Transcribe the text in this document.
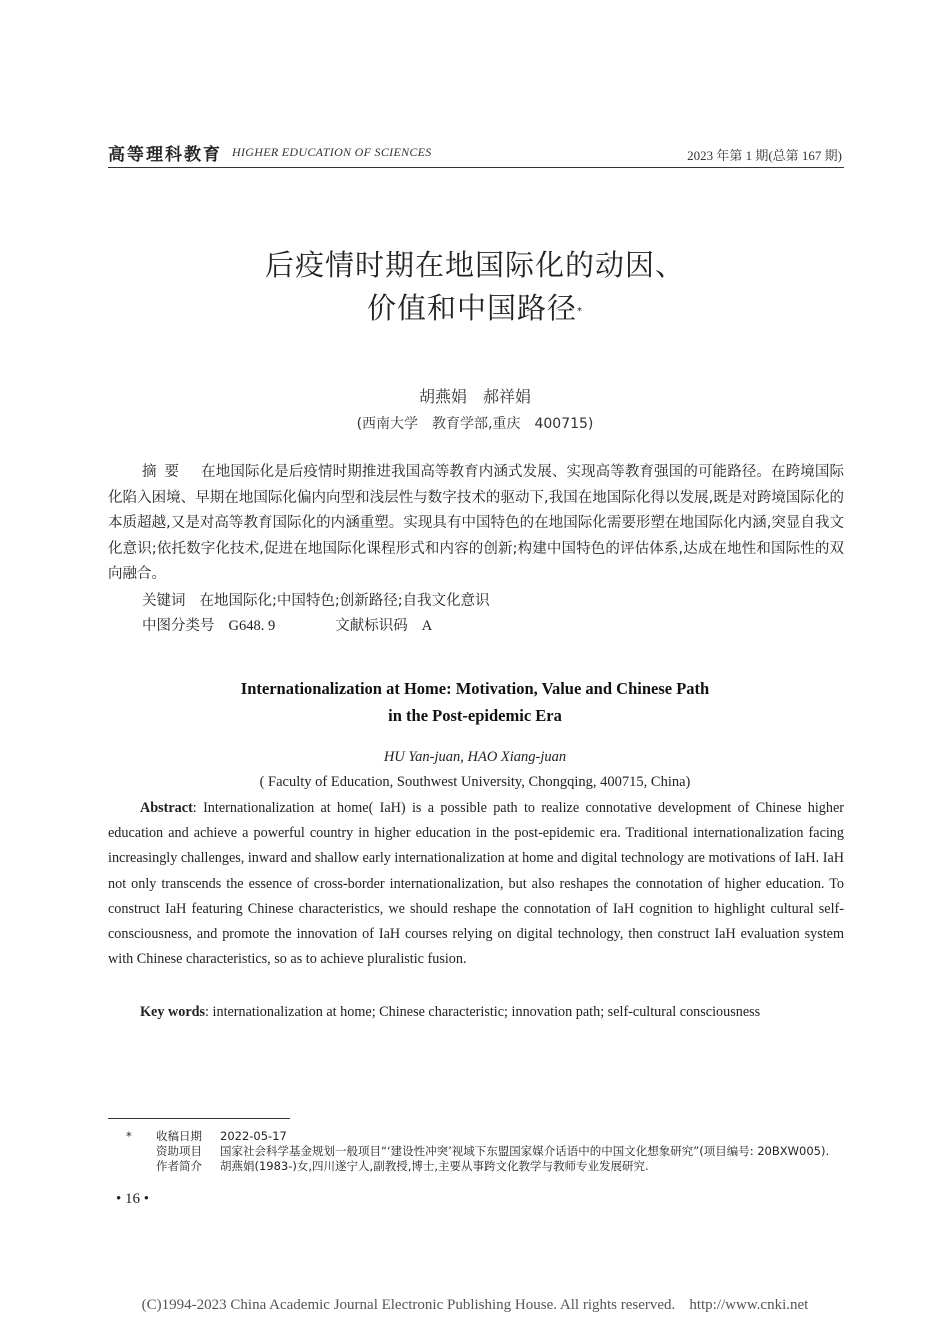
高等理科教育 HIGHER EDUCATION OF SCIENCES	2023 年第 1 期(总第 167 期)
后疫情时期在地国际化的动因、
价值和中国路径*
胡燕娟　郝祥娟
(西南大学　教育学部,重庆　400715)
摘要 在地国际化是后疫情时期推进我国高等教育内涵式发展、实现高等教育强国的可能路径。在跨境国际化陷入困境、早期在地国际化偏内向型和浅层性与数字技术的驱动下,我国在地国际化得以发展,既是对跨境国际化的本质超越,又是对高等教育国际化的内涵重塑。实现具有中国特色的在地国际化需要形塑在地国际化内涵,突显自我文化意识;依托数字化技术,促进在地国际化课程形式和内容的创新;构建中国特色的评估体系,达成在地性和国际性的双向融合。
关键词 在地国际化;中国特色;创新路径;自我文化意识
中图分类号 G648. 9	文献标识码 A
Internationalization at Home: Motivation, Value and Chinese Path
in the Post-epidemic Era
HU Yan-juan, HAO Xiang-juan
( Faculty of Education, Southwest University, Chongqing, 400715, China)
Abstract: Internationalization at home( IaH) is a possible path to realize connotative development of Chinese higher education and achieve a powerful country in higher education in the post-epidemic era. Traditional internationalization facing increasingly challenges, inward and shallow early internationalization at home and digital technology are motivations of IaH. IaH not only transcends the essence of cross-border internationalization, but also reshapes the connotation of higher education. To construct IaH featuring Chinese characteristics, we should reshape the connotation of IaH cognition to highlight cultural self-consciousness, and promote the innovation of IaH courses relying on digital technology, then construct IaH evaluation system with Chinese characteristics, so as to achieve pluralistic fusion.
Key words: internationalization at home; Chinese characteristic; innovation path; self-cultural consciousness
*	收稿日期	2022-05-17
资助项目	国家社会科学基金规划一般项目“‘建设性冲突’视域下东盟国家媒介话语中的中国文化想象研究”(项目编号: 20BXW005).
作者简介	胡燕娟(1983-)女,四川遂宁人,副教授,博士,主要从事跨文化教学与教师专业发展研究.
• 16 •
(C)1994-2023 China Academic Journal Electronic Publishing House. All rights reserved. http://www.cnki.net
